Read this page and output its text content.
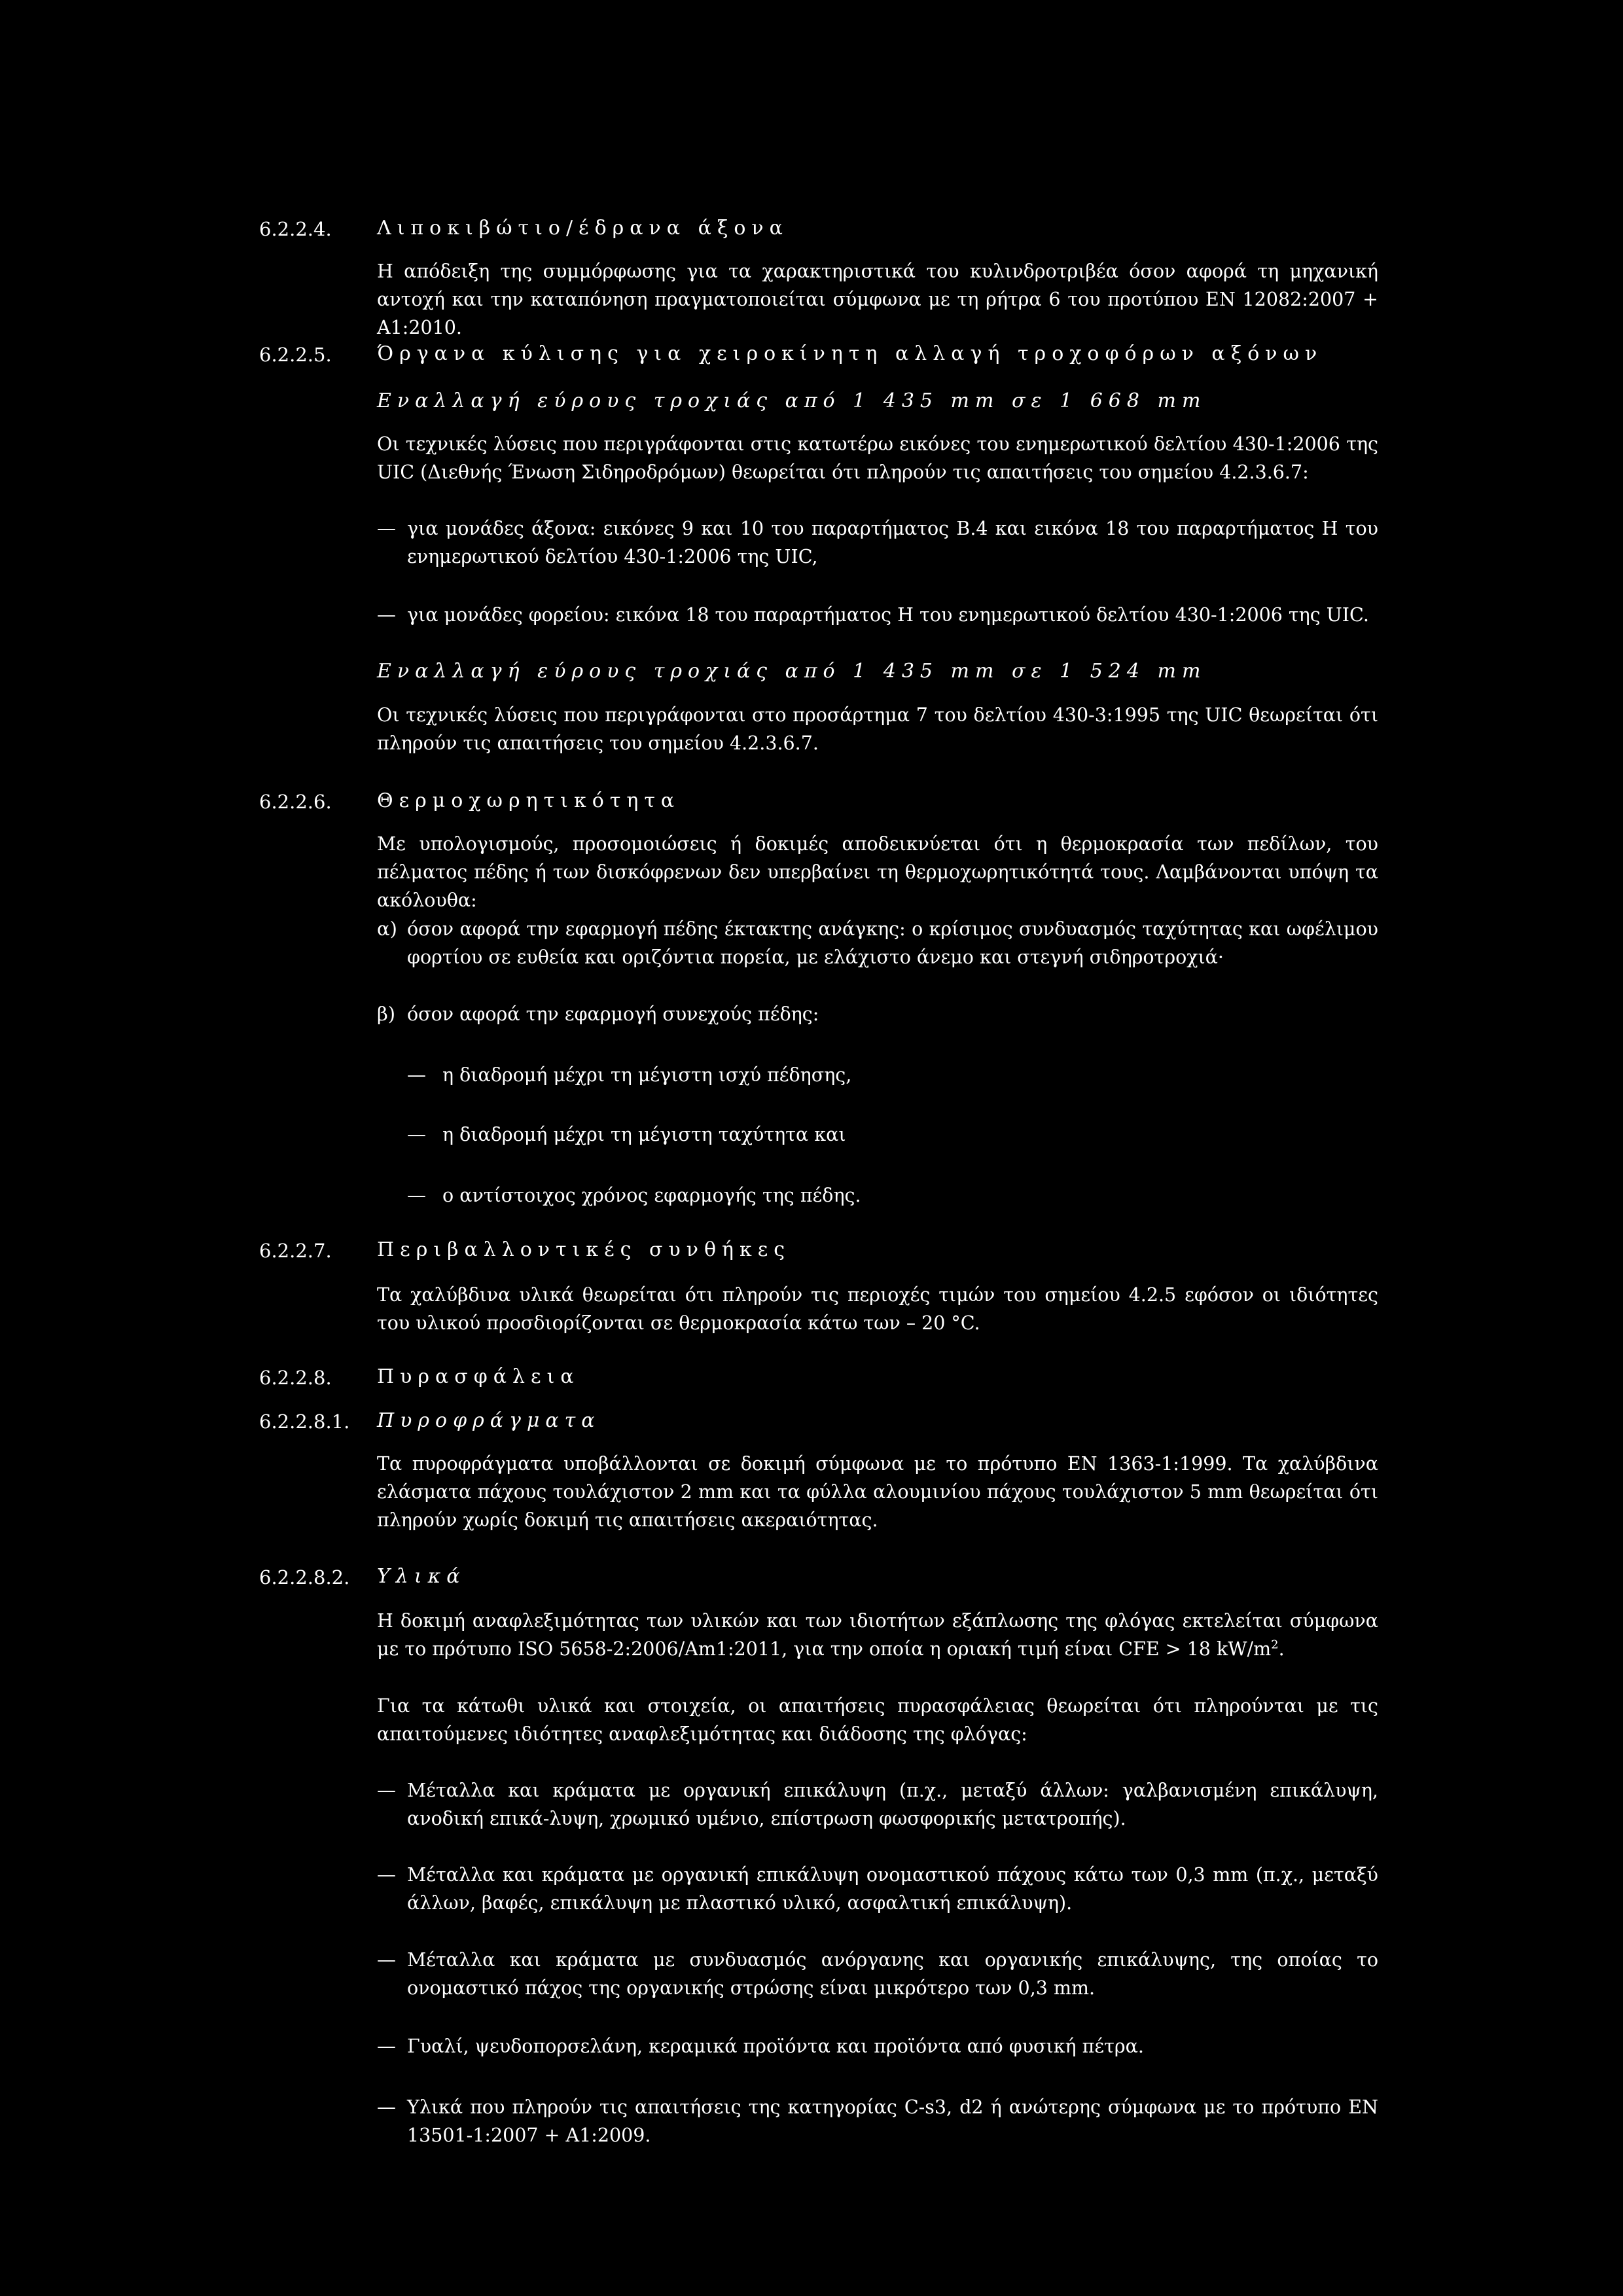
6.2.2.4. Λιποκιβώτιο/έδρανα άξονα
Η απόδειξη της συμμόρφωσης για τα χαρακτηριστικά του κυλινδροτριβέα όσον αφορά τη μηχανική αντοχή και την καταπόνηση πραγματοποιείται σύμφωνα με τη ρήτρα 6 του προτύπου EN 12082:2007 + A1:2010.
6.2.2.5. Όργανα κύλισης για χειροκίνητη αλλαγή τροχοφόρων αξόνων
Εναλλαγή εύρους τροχιάς από 1 435 mm σε 1 668 mm
Οι τεχνικές λύσεις που περιγράφονται στις κατωτέρω εικόνες του ενημερωτικού δελτίου 430-1:2006 της UIC (Διεθνής Ένωση Σιδηροδρόμων) θεωρείται ότι πληρούν τις απαιτήσεις του σημείου 4.2.3.6.7:
— για μονάδες άξονα: εικόνες 9 και 10 του παραρτήματος B.4 και εικόνα 18 του παραρτήματος H του ενημερωτικού δελτίου 430-1:2006 της UIC,
— για μονάδες φορείου: εικόνα 18 του παραρτήματος H του ενημερωτικού δελτίου 430-1:2006 της UIC.
Εναλλαγή εύρους τροχιάς από 1 435 mm σε 1 524 mm
Οι τεχνικές λύσεις που περιγράφονται στο προσάρτημα 7 του δελτίου 430-3:1995 της UIC θεωρείται ότι πληρούν τις απαιτήσεις του σημείου 4.2.3.6.7.
6.2.2.6. Θερμοχωρητικότητα
Με υπολογισμούς, προσομοιώσεις ή δοκιμές αποδεικνύεται ότι η θερμοκρασία των πεδίλων, του πέλματος πέδης ή των δισκόφρενων δεν υπερβαίνει τη θερμοχωρητικότητά τους. Λαμβάνονται υπόψη τα ακόλουθα:
α) όσον αφορά την εφαρμογή πέδης έκτακτης ανάγκης: ο κρίσιμος συνδυασμός ταχύτητας και ωφέλιμου φορτίου σε ευθεία και οριζόντια πορεία, με ελάχιστο άνεμο και στεγνή σιδηροτροχιά·
β) όσον αφορά την εφαρμογή συνεχούς πέδης:
— η διαδρομή μέχρι τη μέγιστη ισχύ πέδησης,
— η διαδρομή μέχρι τη μέγιστη ταχύτητα και
— ο αντίστοιχος χρόνος εφαρμογής της πέδης.
6.2.2.7. Περιβαλλοντικές συνθήκες
Τα χαλύβδινα υλικά θεωρείται ότι πληρούν τις περιοχές τιμών του σημείου 4.2.5 εφόσον οι ιδιότητες του υλικού προσδιορίζονται σε θερμοκρασία κάτω των – 20 °C.
6.2.2.8. Πυρασφάλεια
6.2.2.8.1. Πυροφράγματα
Τα πυροφράγματα υποβάλλονται σε δοκιμή σύμφωνα με το πρότυπο EN 1363-1:1999. Τα χαλύβδινα ελάσματα πάχους τουλάχιστον 2 mm και τα φύλλα αλουμινίου πάχους τουλάχιστον 5 mm θεωρείται ότι πληρούν χωρίς δοκιμή τις απαιτήσεις ακεραιότητας.
6.2.2.8.2. Υλικά
Η δοκιμή αναφλεξιμότητας των υλικών και των ιδιοτήτων εξάπλωσης της φλόγας εκτελείται σύμφωνα με το πρότυπο ISO 5658-2:2006/Am1:2011, για την οποία η οριακή τιμή είναι CFE > 18 $kW/m^2$.
Για τα κάτωθι υλικά και στοιχεία, οι απαιτήσεις πυρασφάλειας θεωρείται ότι πληρούνται με τις απαιτούμενες ιδιότητες αναφλεξιμότητας και διάδοσης της φλόγας:
— Μέταλλα και κράματα με οργανική επικάλυψη (π.χ., μεταξύ άλλων: γαλβανισμένη επικάλυψη, ανοδική επικά-λυψη, χρωμικό υμένιο, επίστρωση φωσφορικής μετατροπής).
— Μέταλλα και κράματα με οργανική επικάλυψη ονομαστικού πάχους κάτω των 0,3 mm (π.χ., μεταξύ άλλων, βαφές, επικάλυψη με πλαστικό υλικό, ασφαλτική επικάλυψη).
— Μέταλλα και κράματα με συνδυασμός ανόργανης και οργανικής επικάλυψης, της οποίας το ονομαστικό πάχος της οργανικής στρώσης είναι μικρότερο των 0,3 mm.
— Γυαλί, ψευδοπορσελάνη, κεραμικά προϊόντα και προϊόντα από φυσική πέτρα.
— Υλικά που πληρούν τις απαιτήσεις της κατηγορίας C-s3, d2 ή ανώτερης σύμφωνα με το πρότυπο EN 13501-1:2007 + A1:2009.
